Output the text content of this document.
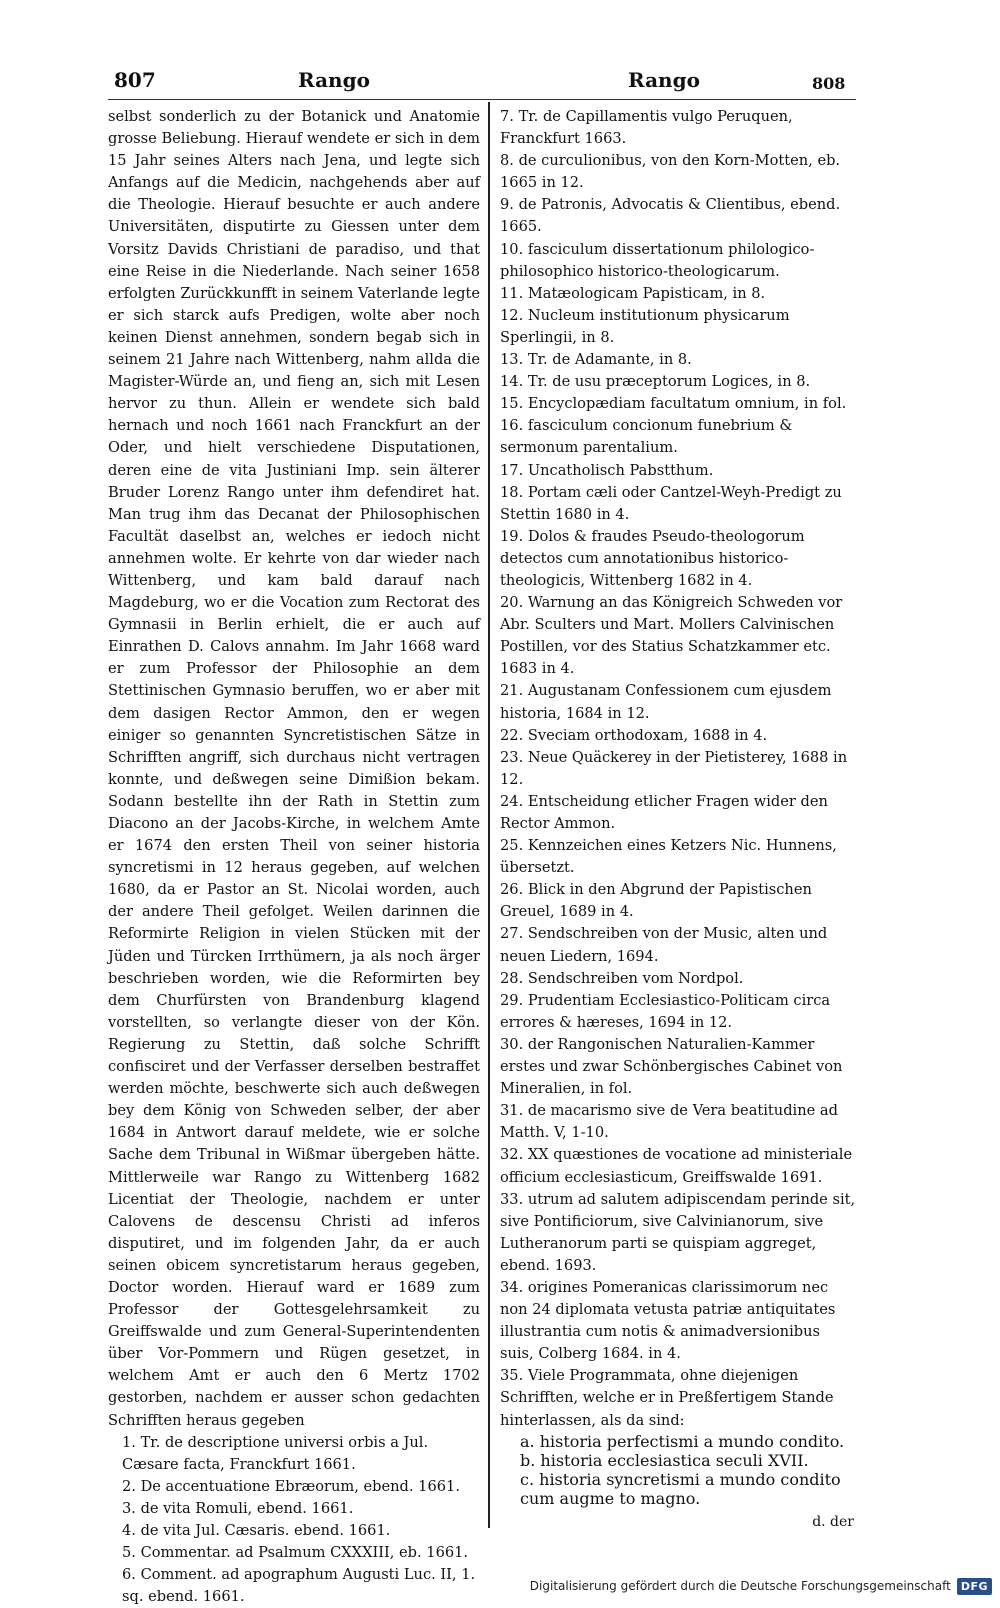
807	Rango	Rango	808

selbst sonderlich zu der Botanick und Anatomie grosse Beliebung. Hierauf wendete er sich in dem 15 Jahr seines Alters nach Jena, und legte sich Anfangs auf die Medicin, nachgehends aber auf die Theologie. Hierauf besuchte er auch andere Universitäten, disputirte zu Giessen unter dem Vorsitz Davids Christiani de paradiso, und that eine Reise in die Niederlande. Nach seiner 1658 erfolgten Zurückkunfft in seinem Vaterlande legte er sich starck aufs Predigen, wolte aber noch keinen Dienst annehmen, sondern begab sich in seinem 21 Jahre nach Wittenberg, nahm allda die Magister-Würde an, und fieng an, sich mit Lesen hervor zu thun. Allein er wendete sich bald hernach und noch 1661 nach Franckfurt an der Oder, und hielt verschiedene Disputationen, deren eine de vita Justiniani Imp. sein älterer Bruder Lorenz Rango unter ihm defendiret hat. Man trug ihm das Decanat der Philosophischen Facultät daselbst an, welches er iedoch nicht annehmen wolte. Er kehrte von dar wieder nach Wittenberg, und kam bald darauf nach Magdeburg, wo er die Vocation zum Rectorat des Gymnasii in Berlin erhielt, die er auch auf Einrathen D. Calovs annahm. Im Jahr 1668 ward er zum Professor der Philosophie an dem Stettinischen Gymnasio beruffen, wo er aber mit dem dasigen Rector Ammon, den er wegen einiger so genannten Syncretistischen Sätze in Schrifften angriff, sich durchaus nicht vertragen konnte, und deßwegen seine Dimißion bekam. Sodann bestellte ihn der Rath in Stettin zum Diacono an der Jacobs-Kirche, in welchem Amte er 1674 den ersten Theil von seiner historia syncretismi in 12 heraus gegeben, auf welchen 1680, da er Pastor an St. Nicolai worden, auch der andere Theil gefolget. Weilen darinnen die Reformirte Religion in vielen Stücken mit der Jüden und Türcken Irrthümern, ja als noch ärger beschrieben worden, wie die Reformirten bey dem Churfürsten von Brandenburg klagend vorstellten, so verlangte dieser von der Kön. Regierung zu Stettin, daß solche Schrifft confisciret und der Verfasser derselben bestraffet werden möchte, beschwerte sich auch deßwegen bey dem König von Schweden selber, der aber 1684 in Antwort darauf meldete, wie er solche Sache dem Tribunal in Wißmar übergeben hätte. Mittlerweile war Rango zu Wittenberg 1682 Licentiat der Theologie, nachdem er unter Calovens de descensu Christi ad inferos disputiret, und im folgenden Jahr, da er auch seinen obicem syncretistarum heraus gegeben, Doctor worden. Hierauf ward er 1689 zum Professor der Gottesgelehrsamkeit zu Greiffswalde und zum General-Superintendenten über Vor-Pommern und Rügen gesetzet, in welchem Amt er auch den 6 Mertz 1702 gestorben, nachdem er ausser schon gedachten Schrifften heraus gegeben

1. Tr. de descriptione universi orbis a Jul. Cæsare facta, Franckfurt 1661.
2. De accentuatione Ebræorum, ebend. 1661.
3. de vita Romuli, ebend. 1661.
4. de vita Jul. Cæsaris. ebend. 1661.
5. Commentar. ad Psalmum CXXXIII, eb. 1661.
6. Comment. ad apographum Augusti Luc. II, 1. sq. ebend. 1661.
7. Tr. de Capillamentis vulgo Peruquen, Franckfurt 1663.
8. de curculionibus, von den Korn-Motten, eb. 1665 in 12.
9. de Patronis, Advocatis & Clientibus, ebend. 1665.
10. fasciculum dissertationum philologico-philosophico historico-theologicarum.
11. Matæologicam Papisticam, in 8.
12. Nucleum institutionum physicarum Sperlingii, in 8.
13. Tr. de Adamante, in 8.
14. Tr. de usu præceptorum Logices, in 8.
15. Encyclopædiam facultatum omnium, in fol.
16. fasciculum concionum funebrium & sermonum parentalium.
17. Uncatholisch Pabstthum.
18. Portam cæli oder Cantzel-Weyh-Predigt zu Stettin 1680 in 4.
19. Dolos & fraudes Pseudo-theologorum detectos cum annotationibus historico-theologicis, Wittenberg 1682 in 4.
20. Warnung an das Königreich Schweden vor Abr. Sculters und Mart. Mollers Calvinischen Postillen, vor des Statius Schatzkammer etc. 1683 in 4.
21. Augustanam Confessionem cum ejusdem historia, 1684 in 12.
22. Sveciam orthodoxam, 1688 in 4.
23. Neue Quäckerey in der Pietisterey, 1688 in 12.
24. Entscheidung etlicher Fragen wider den Rector Ammon.
25. Kennzeichen eines Ketzers Nic. Hunnens, übersetzt.
26. Blick in den Abgrund der Papistischen Greuel, 1689 in 4.
27. Sendschreiben von der Music, alten und neuen Liedern, 1694.
28. Sendschreiben vom Nordpol.
29. Prudentiam Ecclesiastico-Politicam circa errores & hæreses, 1694 in 12.
30. der Rangonischen Naturalien-Kammer erstes und zwar Schönbergisches Cabinet von Mineralien, in fol.
31. de macarismo sive de Vera beatitudine ad Matth. V, 1-10.
32. XX quæstiones de vocatione ad ministeriale officium ecclesiasticum, Greiffswalde 1691.
33. utrum ad salutem adipiscendam perinde sit, sive Pontificiorum, sive Calvinianorum, sive Lutheranorum parti se quispiam aggreget, ebend. 1693.
34. origines Pomeranicas clarissimorum nec non 24 diplomata vetusta patriæ antiquitates illustrantia cum notis & animadversionibus suis, Colberg 1684. in 4.
35. Viele Programmata, ohne diejenigen Schrifften, welche er in Preßfertigem Stande hinterlassen, als da sind:
a. historia perfectismi a mundo condito.
b. historia ecclesiastica seculi XVII.
c. historia syncretismi a mundo condito cum augme to magno.
d. der
Digitalisierung gefördert durch die Deutsche Forschungsgemeinschaft DFG
